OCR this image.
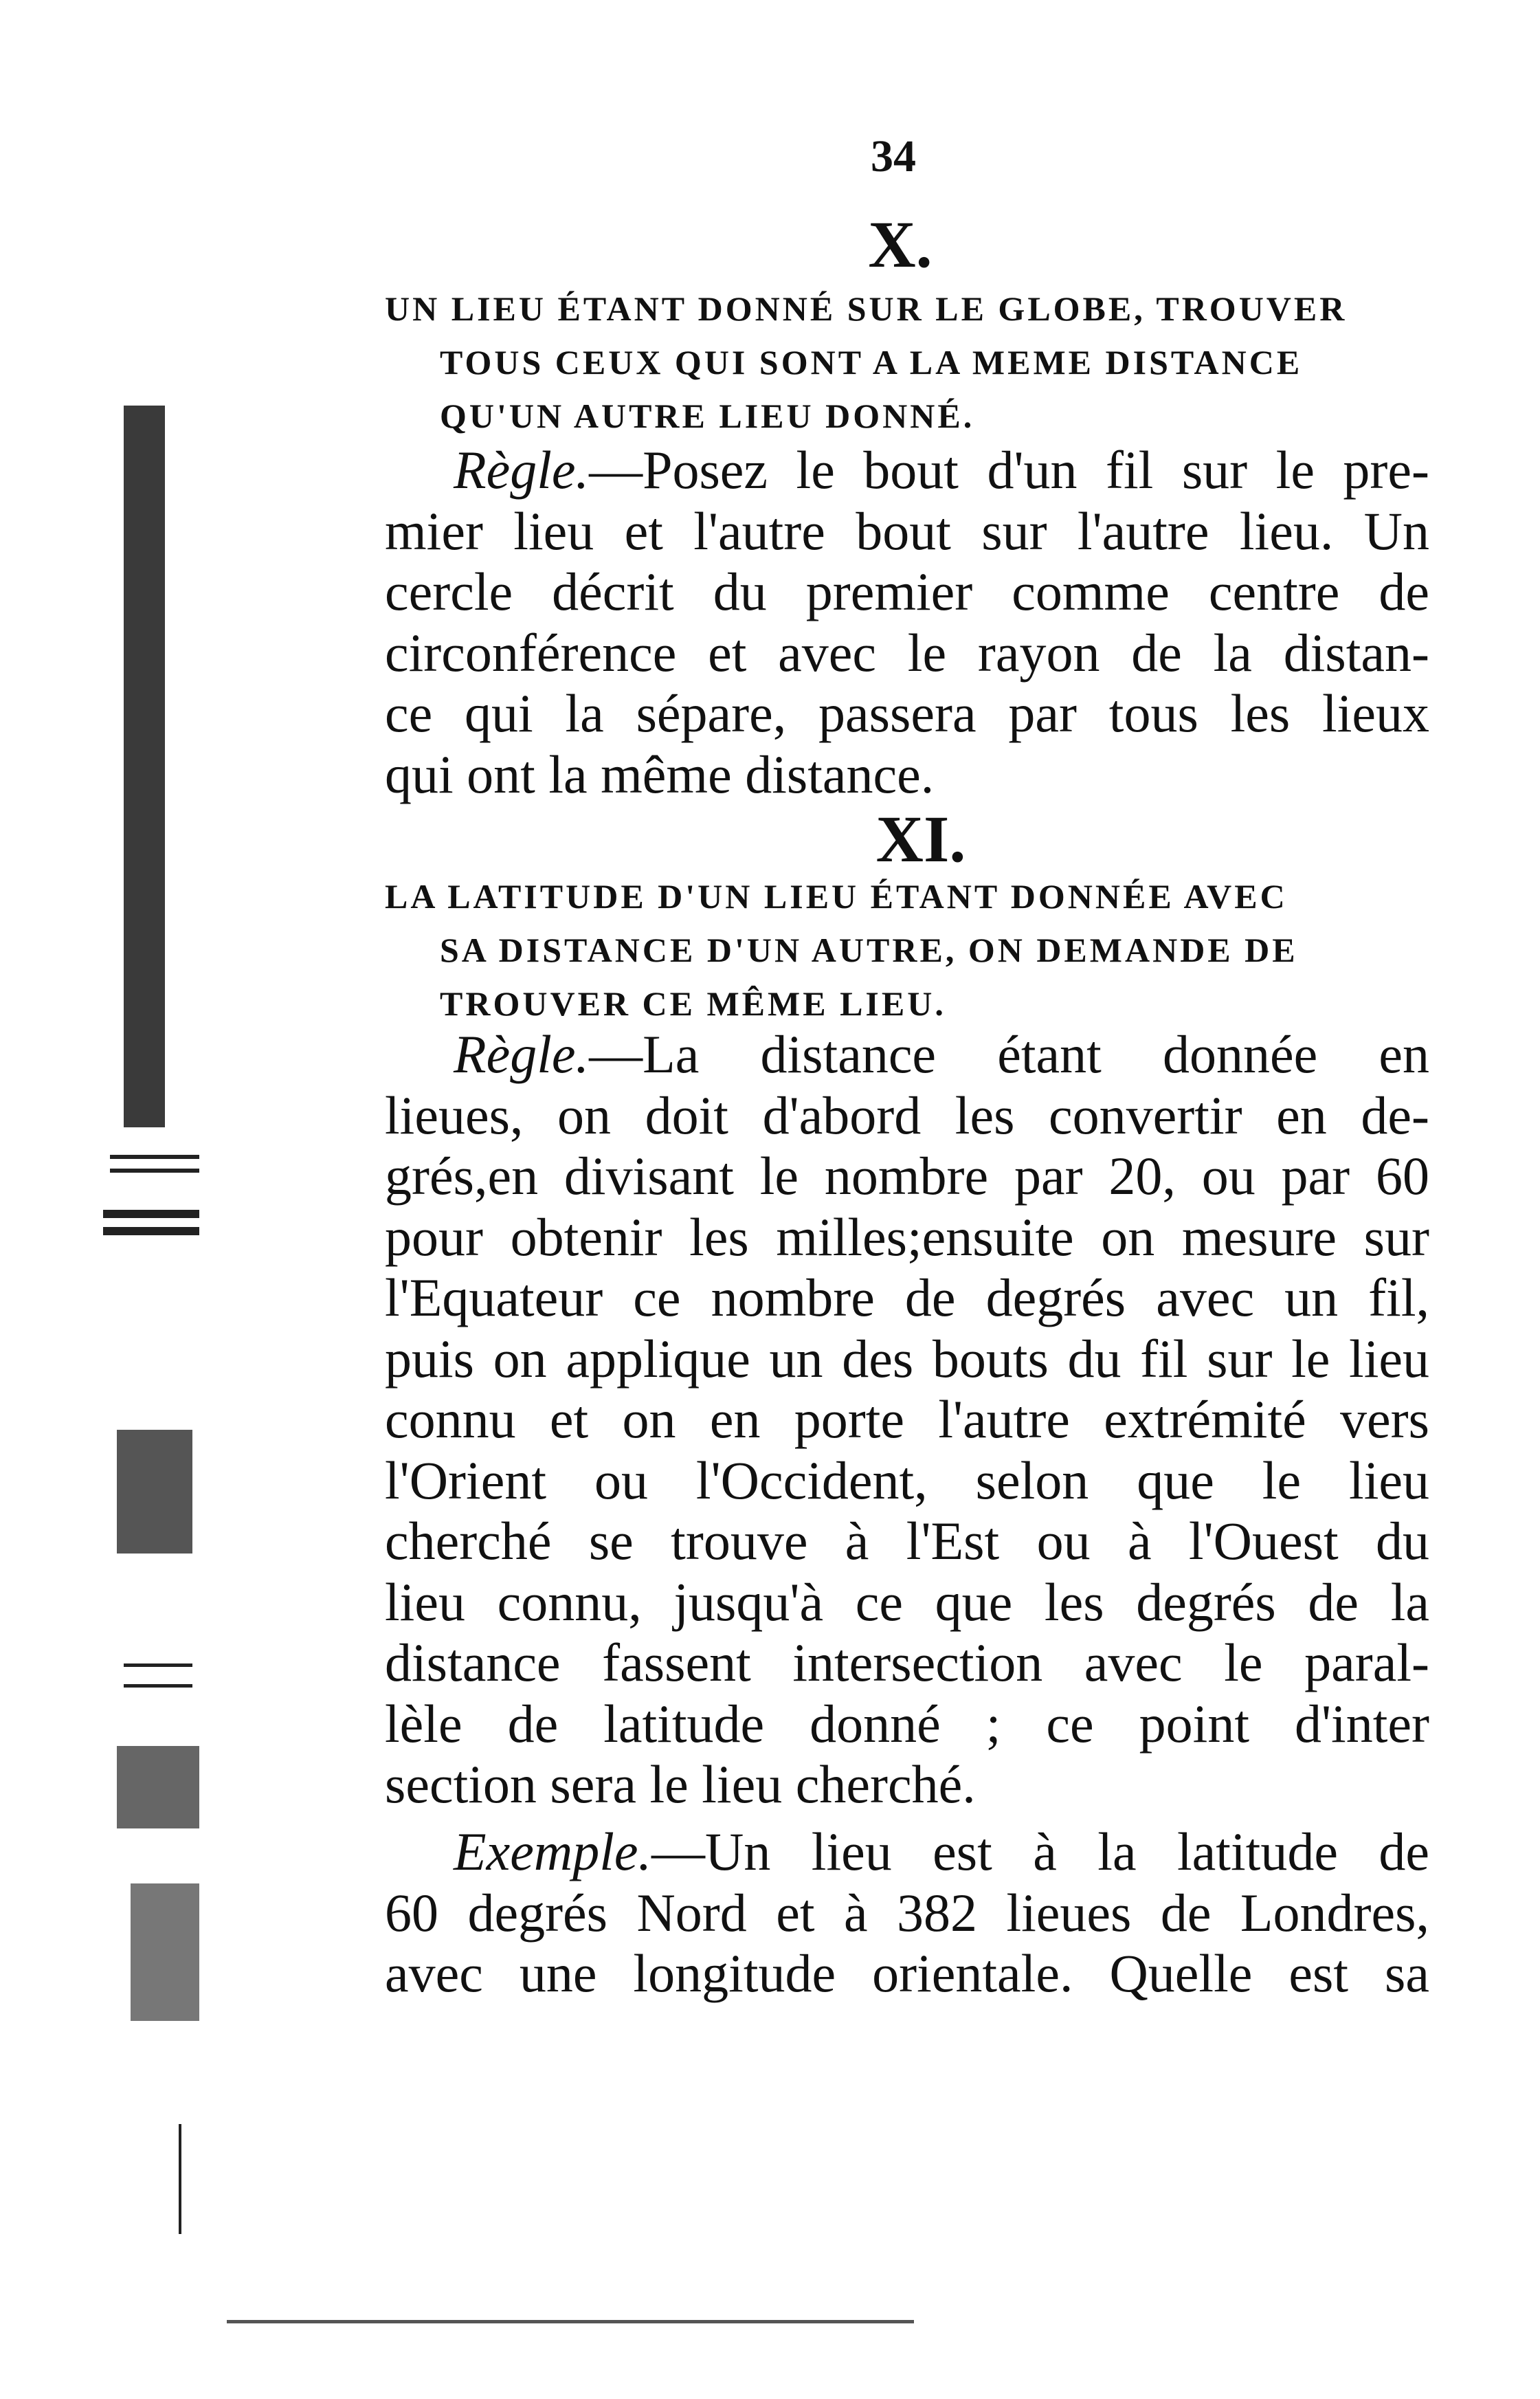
34
X.
UN LIEU ÉTANT DONNÉ SUR LE GLOBE, TROUVER
TOUS CEUX QUI SONT A LA MEME DISTANCE
QU'UN AUTRE LIEU DONNÉ.
Règle.—Posez le bout d'un fil sur le pre-
mier lieu et l'autre bout sur l'autre lieu. Un
cercle décrit du premier comme centre de
circonférence et avec le rayon de la distan-
ce qui la sépare, passera par tous les lieux
qui ont la même distance.
XI.
LA LATITUDE D'UN LIEU ÉTANT DONNÉE AVEC
SA DISTANCE D'UN AUTRE, ON DEMANDE DE
TROUVER CE MÊME LIEU.
Règle.—La distance étant donnée en
lieues, on doit d'abord les convertir en de-
grés,en divisant le nombre par 20, ou par 60
pour obtenir les milles;ensuite on mesure sur
l'Equateur ce nombre de degrés avec un fil,
puis on applique un des bouts du fil sur le lieu
connu et on en porte l'autre extrémité vers
l'Orient ou l'Occident, selon que le lieu
cherché se trouve à l'Est ou à l'Ouest du
lieu connu, jusqu'à ce que les degrés de la
distance fassent intersection avec le paral-
lèle de latitude donné ; ce point d'inter
section sera le lieu cherché.
Exemple.—Un lieu est à la latitude de
60 degrés Nord et à 382 lieues de Londres,
avec une longitude orientale. Quelle est sa
